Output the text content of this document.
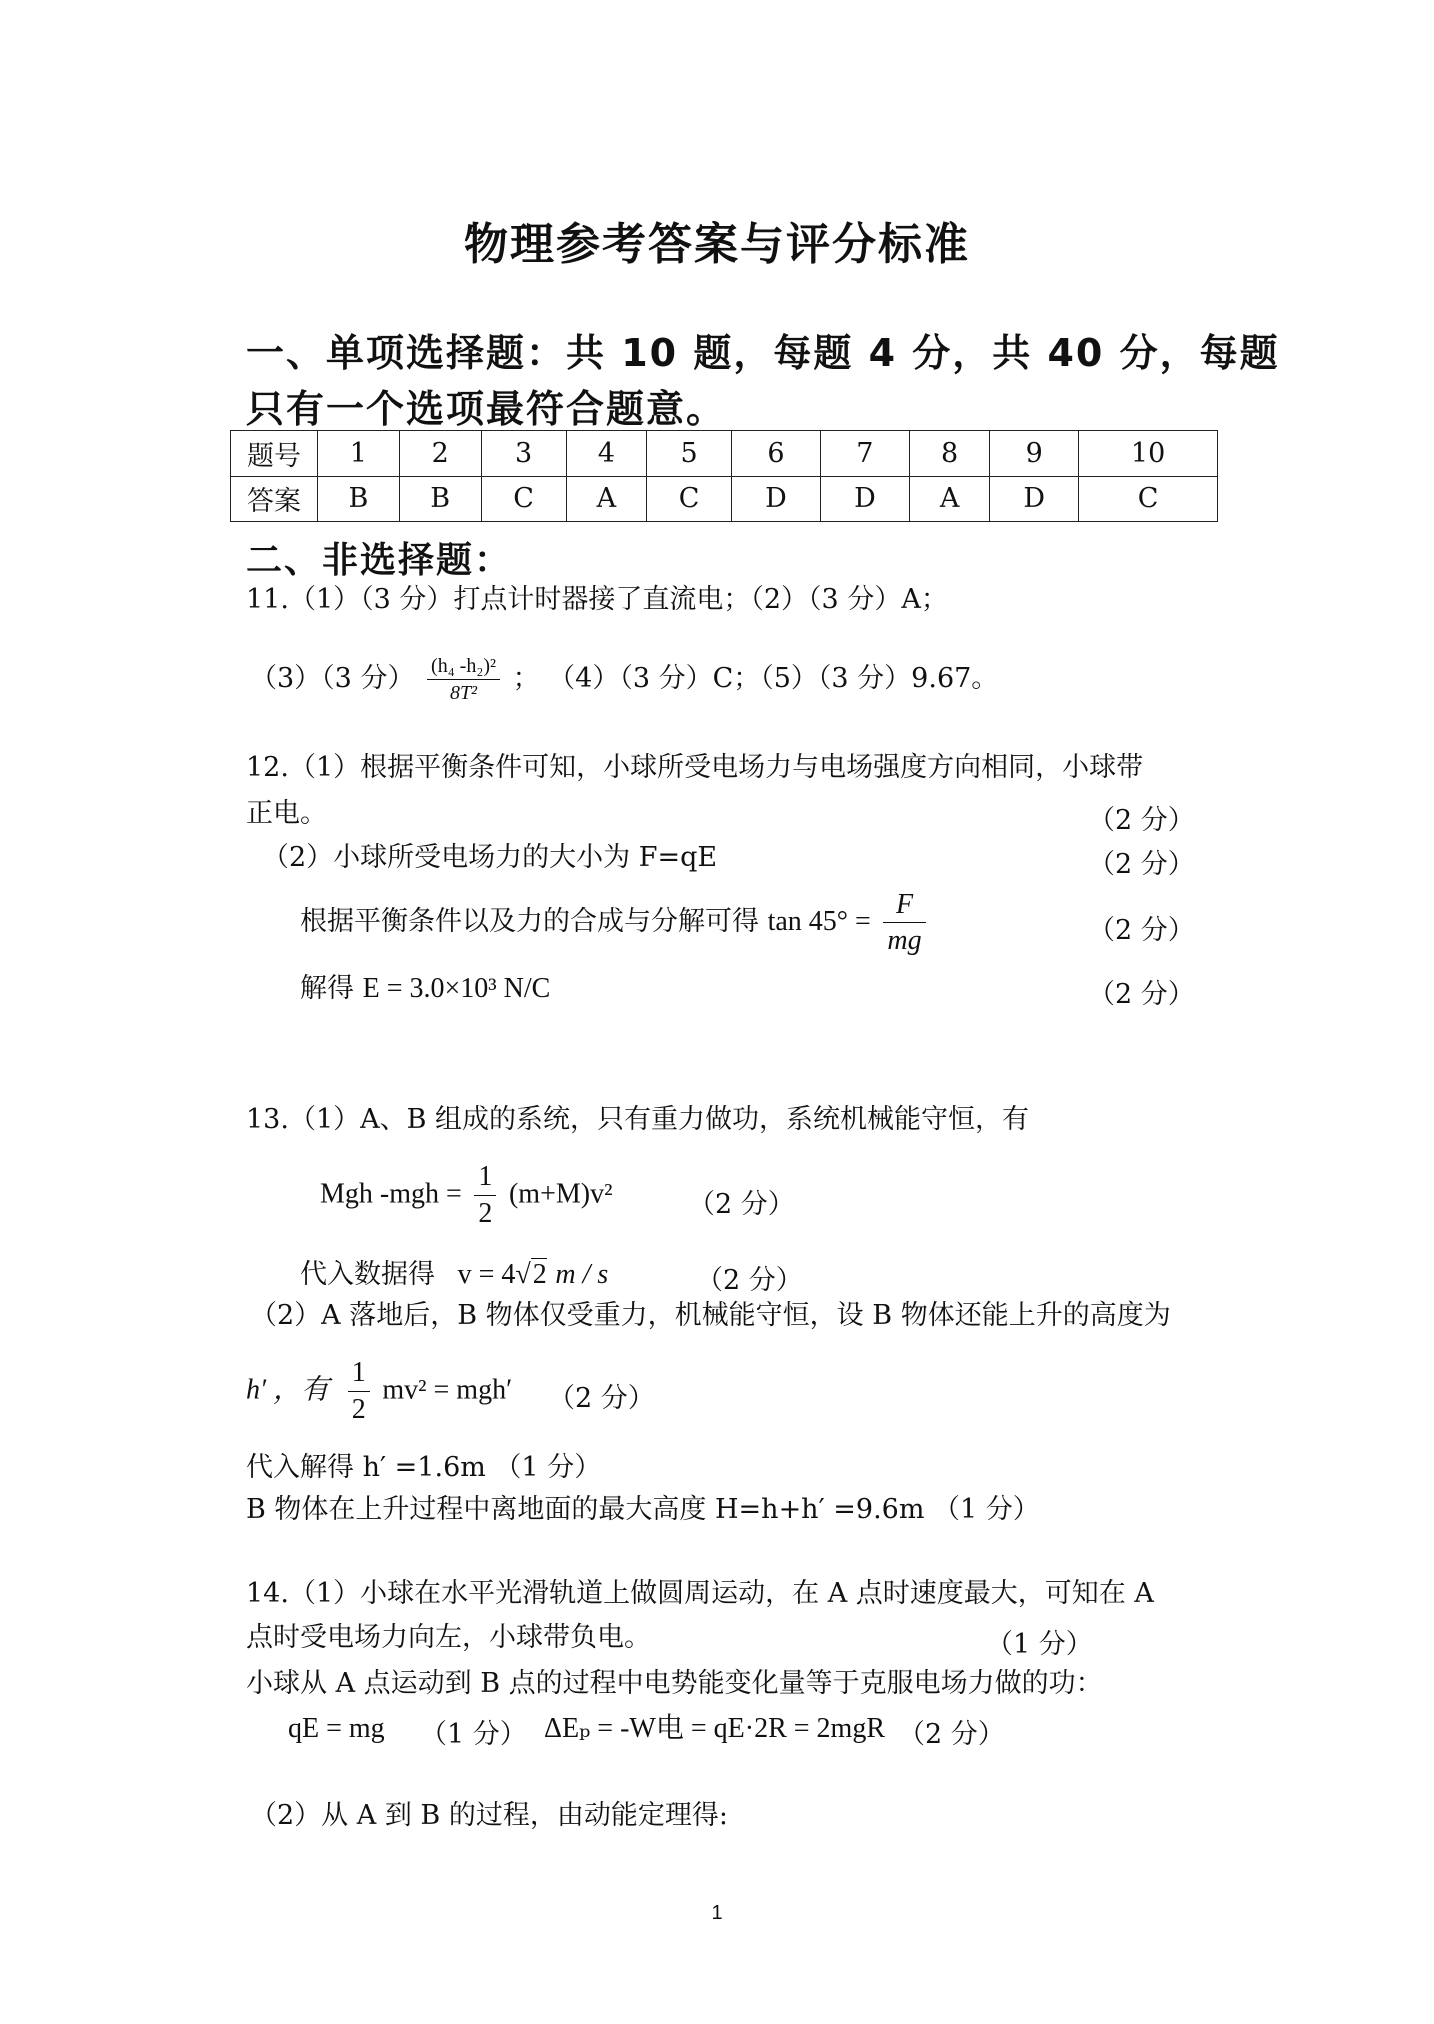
物理参考答案与评分标准
一、单项选择题：共 10 题，每题 4 分，共 40 分，每题
只有一个选项最符合题意。
题号	1	2	3	4	5	6	7	8	9	10
答案	B	B	C	A	C	D	D	A	D	C
二、非选择题：
11.（1）（3 分）打点计时器接了直流电；（2）（3 分）A；
（3）（3 分） $\frac{\text{(h₄ -h₂)²}}{\text{8T²}}$ ； （4）（3 分）C；（5）（3 分）9.67。
12.（1）根据平衡条件可知，小球所受电场力与电场强度方向相同，小球带
正电。	（2 分）
（2）小球所受电场力的大小为 F=qE	（2 分）
根据平衡条件以及力的合成与分解可得 $\tan 45^\circ = \frac{F}{mg}$	（2 分）
解得 E = 3.0×10³ N/C	（2 分）
13.（1）A、B 组成的系统，只有重力做功，系统机械能守恒，有
Mgh $-mgh = \frac{1}{2} (m+M)v^2$	（2 分）
代入数据得 v = 4√2 m / s	（2 分）
（2）A 落地后，B 物体仅受重力，机械能守恒，设 B 物体还能上升的高度为
h′ ，有 $\frac{1}{2} mv^2 = mgh'$ （2 分）
代入解得 h′ =1.6m （1 分）
B 物体在上升过程中离地面的最大高度 H=h+h′ =9.6m （1 分）
14.（1）小球在水平光滑轨道上做圆周运动，在 A 点时速度最大，可知在 A
点时受电场力向左，小球带负电。	（1 分）
小球从 A 点运动到 B 点的过程中电势能变化量等于克服电场力做的功：
qE = mg （1 分） ΔEₚ = -W电 = qE·2R = 2mgR （2 分）
（2）从 A 到 B 的过程，由动能定理得:
1
